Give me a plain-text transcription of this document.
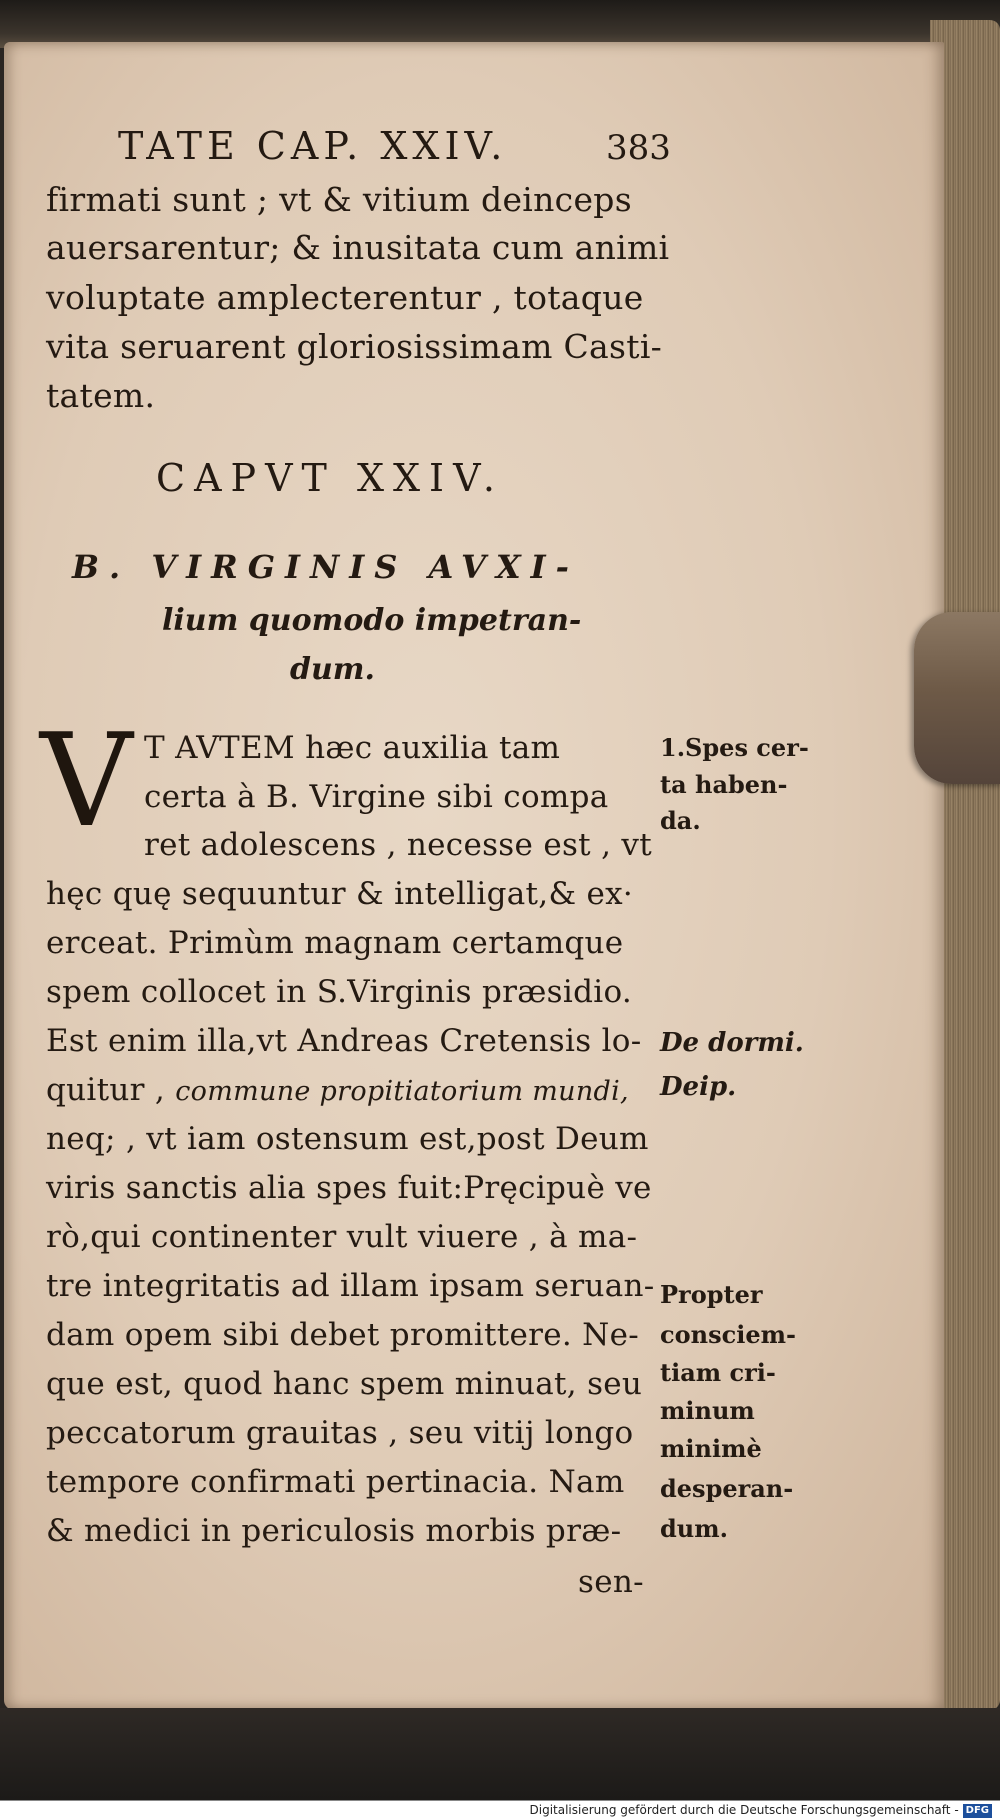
TATE CAP. XXIV.	383
firmati sunt ; vt & vitium deinceps
auersarentur; & inusitata cum animi
voluptate amplecterentur , totaque
vita seruarent gloriosissimam Casti-
tatem.
CAPVT XXIV.
B. VIRGINIS AVXI-
lium quomodo impetran-
dum.
V T AVTEM hæc auxilia tam
certa à B. Virgine sibi compa
ret adolescens , necesse est , vt
hęc quę sequuntur & intelligat,& ex·
erceat. Primùm magnam certamque
spem collocet in S.Virginis præsidio.
Est enim illa,vt Andreas Cretensis lo-
quitur , commune propitiatorium mundi,
neq; , vt iam ostensum est,post Deum
viris sanctis alia spes fuit:Pręcipuè ve
rò,qui continenter vult viuere , à ma-
tre integritatis ad illam ipsam seruan-
dam opem sibi debet promittere. Ne-
que est, quod hanc spem minuat, seu
peccatorum grauitas , seu vitij longo
tempore confirmati pertinacia. Nam
& medici in periculosis morbis præ-
sen-
1.Spes cer-
ta haben-
da.
De dormi.
Deip.
Propter
consciem-
tiam cri-
minum
minimè
desperan-
dum.
Digitalisierung gefördert durch die Deutsche Forschungsgemeinschaft - DFG
